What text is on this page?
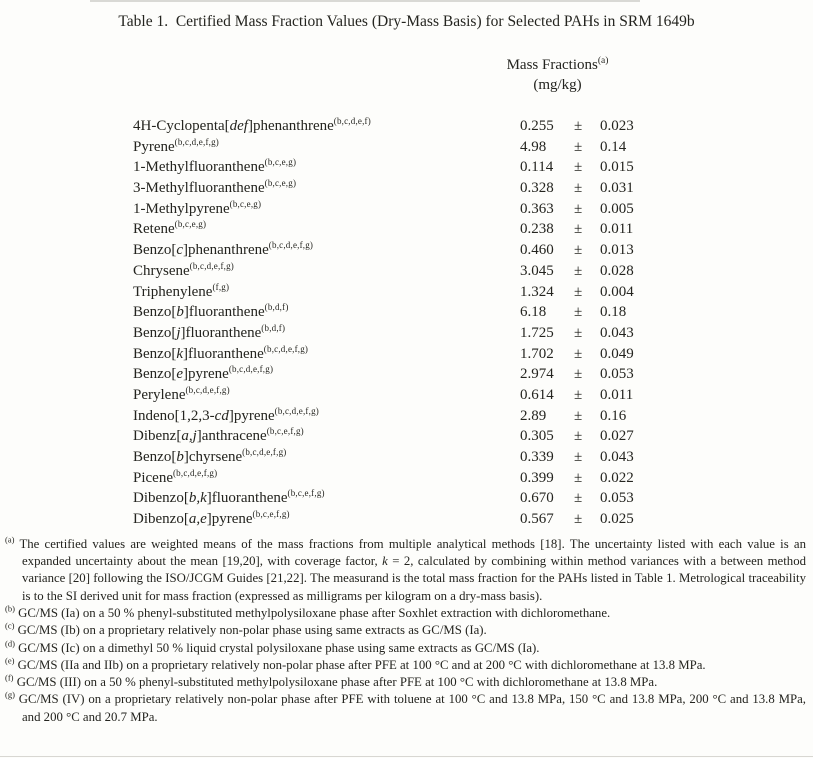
Table 1.  Certified Mass Fraction Values (Dry-Mass Basis) for Selected PAHs in SRM 1649b
Mass Fractions$^{(a)}$
(mg/kg)
4H-Cyclopenta[def]phenanthrene$^{(b,c,d,e,f)}$	0.255	±	0.023
Pyrene$^{(b,c,d,e,f,g)}$	4.98	±	0.14
1-Methylfluoranthene$^{(b,c,e,g)}$	0.114	±	0.015
3-Methylfluoranthene$^{(b,c,e,g)}$	0.328	±	0.031
1-Methylpyrene$^{(b,c,e,g)}$	0.363	±	0.005
Retene$^{(b,c,e,g)}$	0.238	±	0.011
Benzo[c]phenanthrene$^{(b,c,d,e,f,g)}$	0.460	±	0.013
Chrysene$^{(b,c,d,e,f,g)}$	3.045	±	0.028
Triphenylene$^{(f,g)}$	1.324	±	0.004
Benzo[b]fluoranthene$^{(b,d,f)}$	6.18	±	0.18
Benzo[j]fluoranthene$^{(b,d,f)}$	1.725	±	0.043
Benzo[k]fluoranthene$^{(b,c,d,e,f,g)}$	1.702	±	0.049
Benzo[e]pyrene$^{(b,c,d,e,f,g)}$	2.974	±	0.053
Perylene$^{(b,c,d,e,f,g)}$	0.614	±	0.011
Indeno[1,2,3-cd]pyrene$^{(b,c,d,e,f,g)}$	2.89	±	0.16
Dibenz[a,j]anthracene$^{(b,c,e,f,g)}$	0.305	±	0.027
Benzo[b]chyrsene$^{(b,c,d,e,f,g)}$	0.339	±	0.043
Picene$^{(b,c,d,e,f,g)}$	0.399	±	0.022
Dibenzo[b,k]fluoranthene$^{(b,c,e,f,g)}$	0.670	±	0.053
Dibenzo[a,e]pyrene$^{(b,c,e,f,g)}$	0.567	±	0.025
$^{(a)}$ The certified values are weighted means of the mass fractions from multiple analytical methods [18]. The uncertainty listed with each value is an expanded uncertainty about the mean [19,20], with coverage factor, k = 2, calculated by combining within method variances with a between method variance [20] following the ISO/JCGM Guides [21,22]. The measurand is the total mass fraction for the PAHs listed in Table 1. Metrological traceability is to the SI derived unit for mass fraction (expressed as milligrams per kilogram on a dry-mass basis).
$^{(b)}$ GC/MS (Ia) on a 50 % phenyl-substituted methylpolysiloxane phase after Soxhlet extraction with dichloromethane.
$^{(c)}$ GC/MS (Ib) on a proprietary relatively non-polar phase using same extracts as GC/MS (Ia).
$^{(d)}$ GC/MS (Ic) on a dimethyl 50 % liquid crystal polysiloxane phase using same extracts as GC/MS (Ia).
$^{(e)}$ GC/MS (IIa and IIb) on a proprietary relatively non-polar phase after PFE at 100 °C and at 200 °C with dichloromethane at 13.8 MPa.
$^{(f)}$ GC/MS (III) on a 50 % phenyl-substituted methylpolysiloxane phase after PFE at 100 °C with dichloromethane at 13.8 MPa.
$^{(g)}$ GC/MS (IV) on a proprietary relatively non-polar phase after PFE with toluene at 100 °C and 13.8 MPa, 150 °C and 13.8 MPa, 200 °C and 13.8 MPa, and 200 °C and 20.7 MPa.
